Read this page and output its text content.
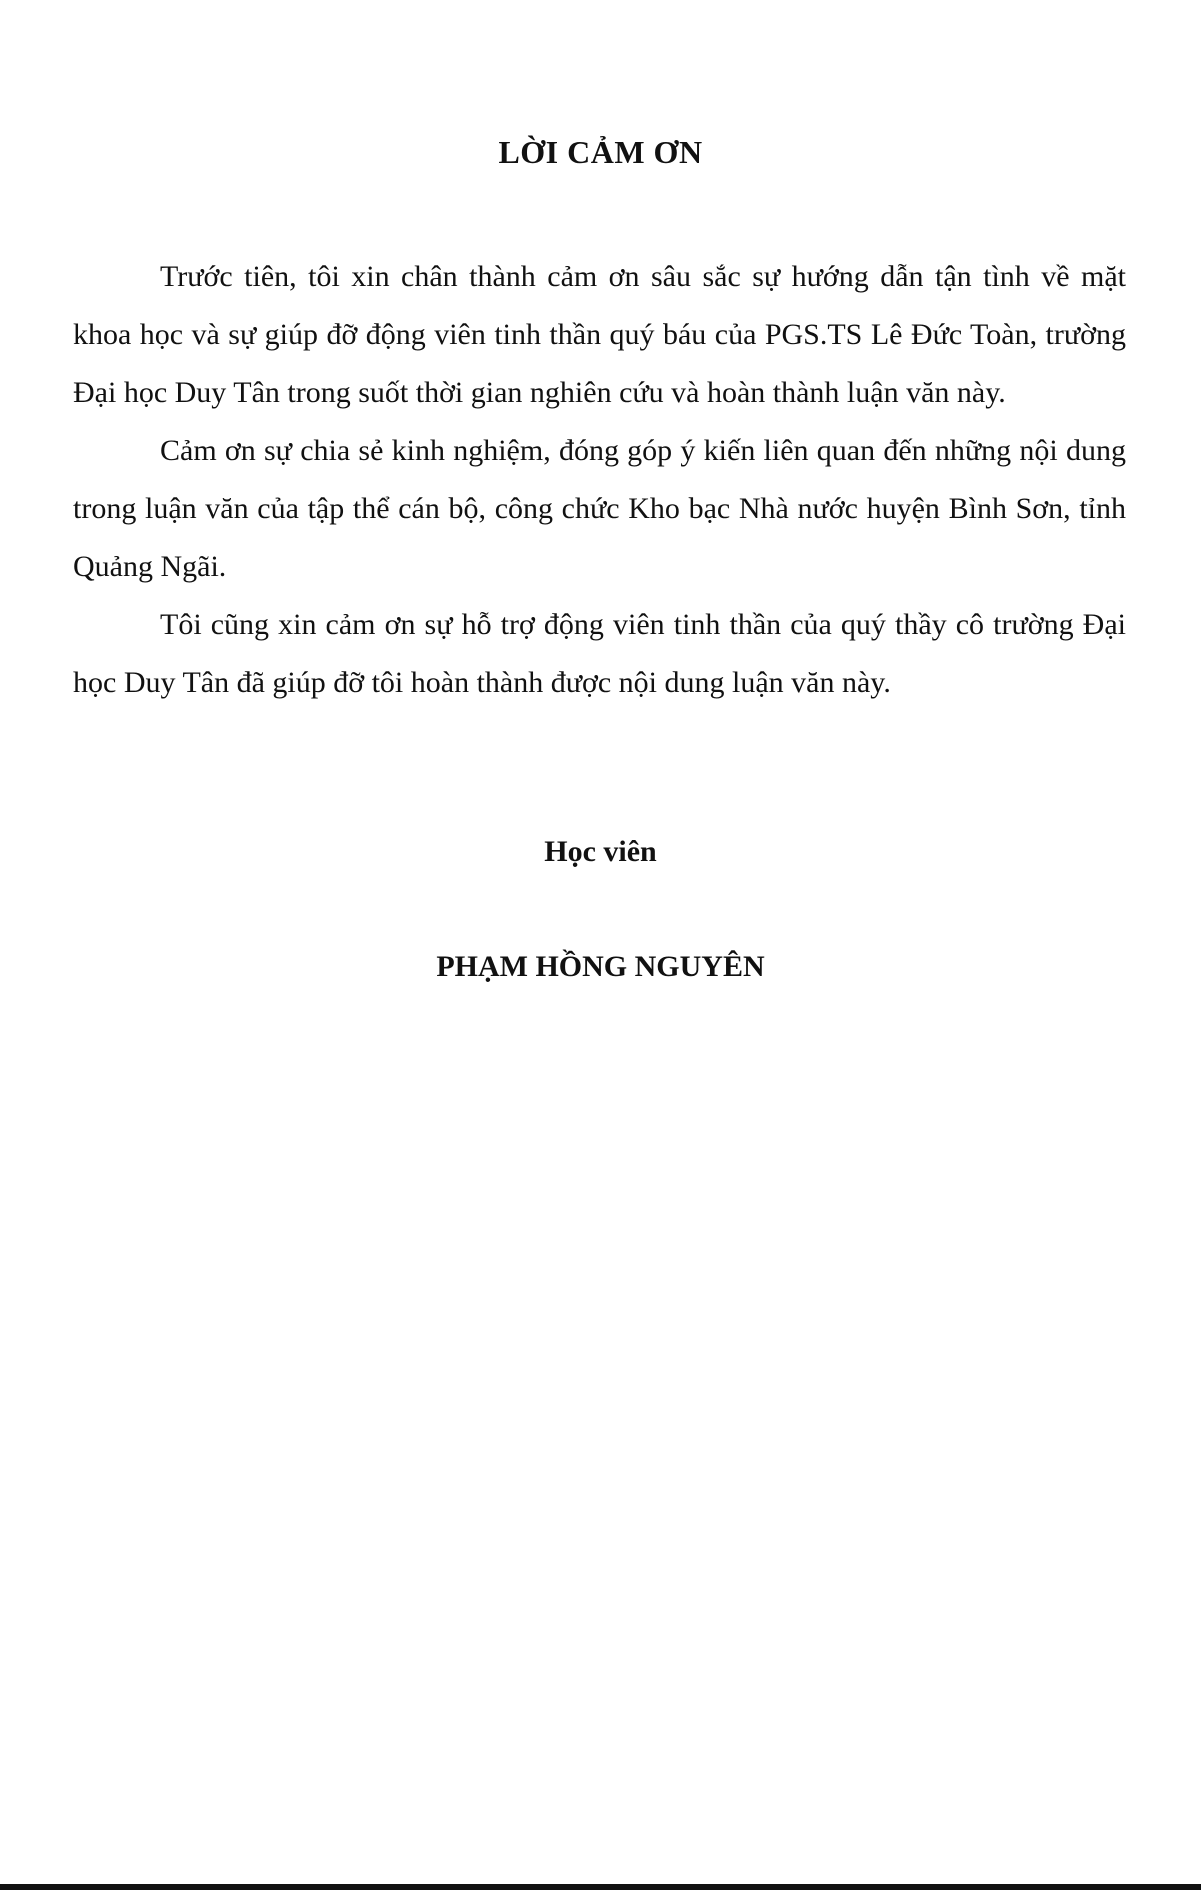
LỜI CẢM ƠN

Trước tiên, tôi xin chân thành cảm ơn sâu sắc sự hướng dẫn tận tình về mặt khoa học và sự giúp đỡ động viên tinh thần quý báu của PGS.TS Lê Đức Toàn, trường Đại học Duy Tân trong suốt thời gian nghiên cứu và hoàn thành luận văn này.

Cảm ơn sự chia sẻ kinh nghiệm, đóng góp ý kiến liên quan đến những nội dung trong luận văn của tập thể cán bộ, công chức Kho bạc Nhà nước huyện Bình Sơn, tỉnh Quảng Ngãi.

Tôi cũng xin cảm ơn sự hỗ trợ động viên tinh thần của quý thầy cô trường Đại học Duy Tân đã giúp đỡ tôi hoàn thành được nội dung luận văn này.

Học viên
PHẠM HỒNG NGUYÊN
